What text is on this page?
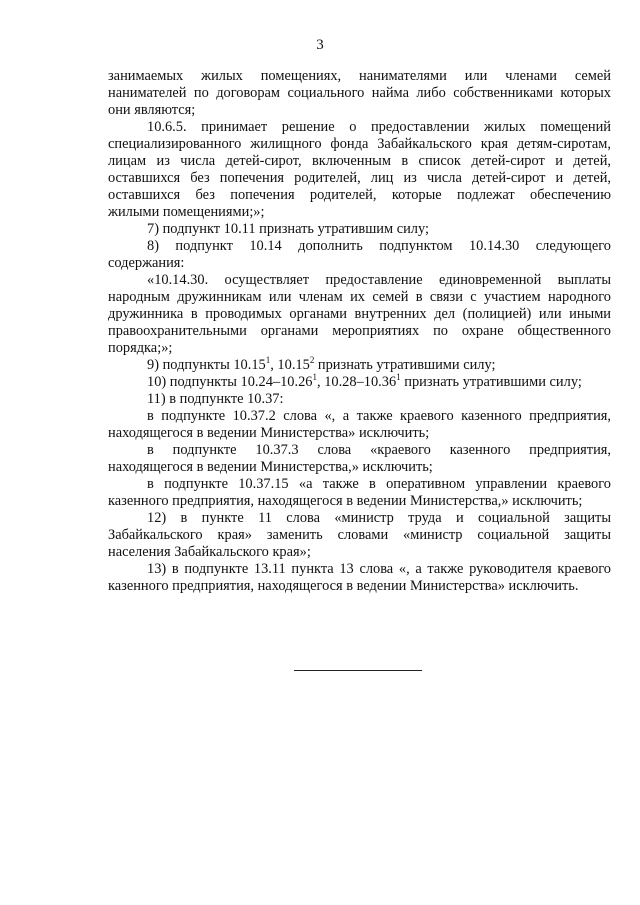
3
занимаемых жилых помещениях, нанимателями или членами семей
нанимателей по договорам социального найма либо собственниками которых
они являются;
10.6.5. принимает решение о предоставлении жилых помещений
специализированного жилищного фонда Забайкальского края детям-сиротам,
лицам из числа детей-сирот, включенным в список детей-сирот и детей,
оставшихся без попечения родителей, лиц из числа детей-сирот и детей,
оставшихся без попечения родителей, которые подлежат обеспечению
жилыми помещениями;»;
7) подпункт 10.11 признать утратившим силу;
8) подпункт 10.14 дополнить подпунктом 10.14.30 следующего
содержания:
«10.14.30. осуществляет предоставление единовременной выплаты
народным дружинникам или членам их семей в связи с участием народного
дружинника в проводимых органами внутренних дел (полицией) или иными
правоохранительными органами мероприятиях по охране общественного
порядка;»;
9) подпункты 10.15$^1$, 10.15$^2$ признать утратившими силу;
10) подпункты 10.24–10.26$^1$, 10.28–10.36$^1$ признать утратившими силу;
11) в подпункте 10.37:
в подпункте 10.37.2 слова «, а также краевого казенного предприятия,
находящегося в ведении Министерства» исключить;
в подпункте 10.37.3 слова «краевого казенного предприятия,
находящегося в ведении Министерства,» исключить;
в подпункте 10.37.15 «а также в оперативном управлении краевого
казенного предприятия, находящегося в ведении Министерства,» исключить;
12) в пункте 11 слова «министр труда и социальной защиты
Забайкальского края» заменить словами «министр социальной защиты
населения Забайкальского края»;
13) в подпункте 13.11 пункта 13 слова «, а также руководителя краевого
казенного предприятия, находящегося в ведении Министерства» исключить.
